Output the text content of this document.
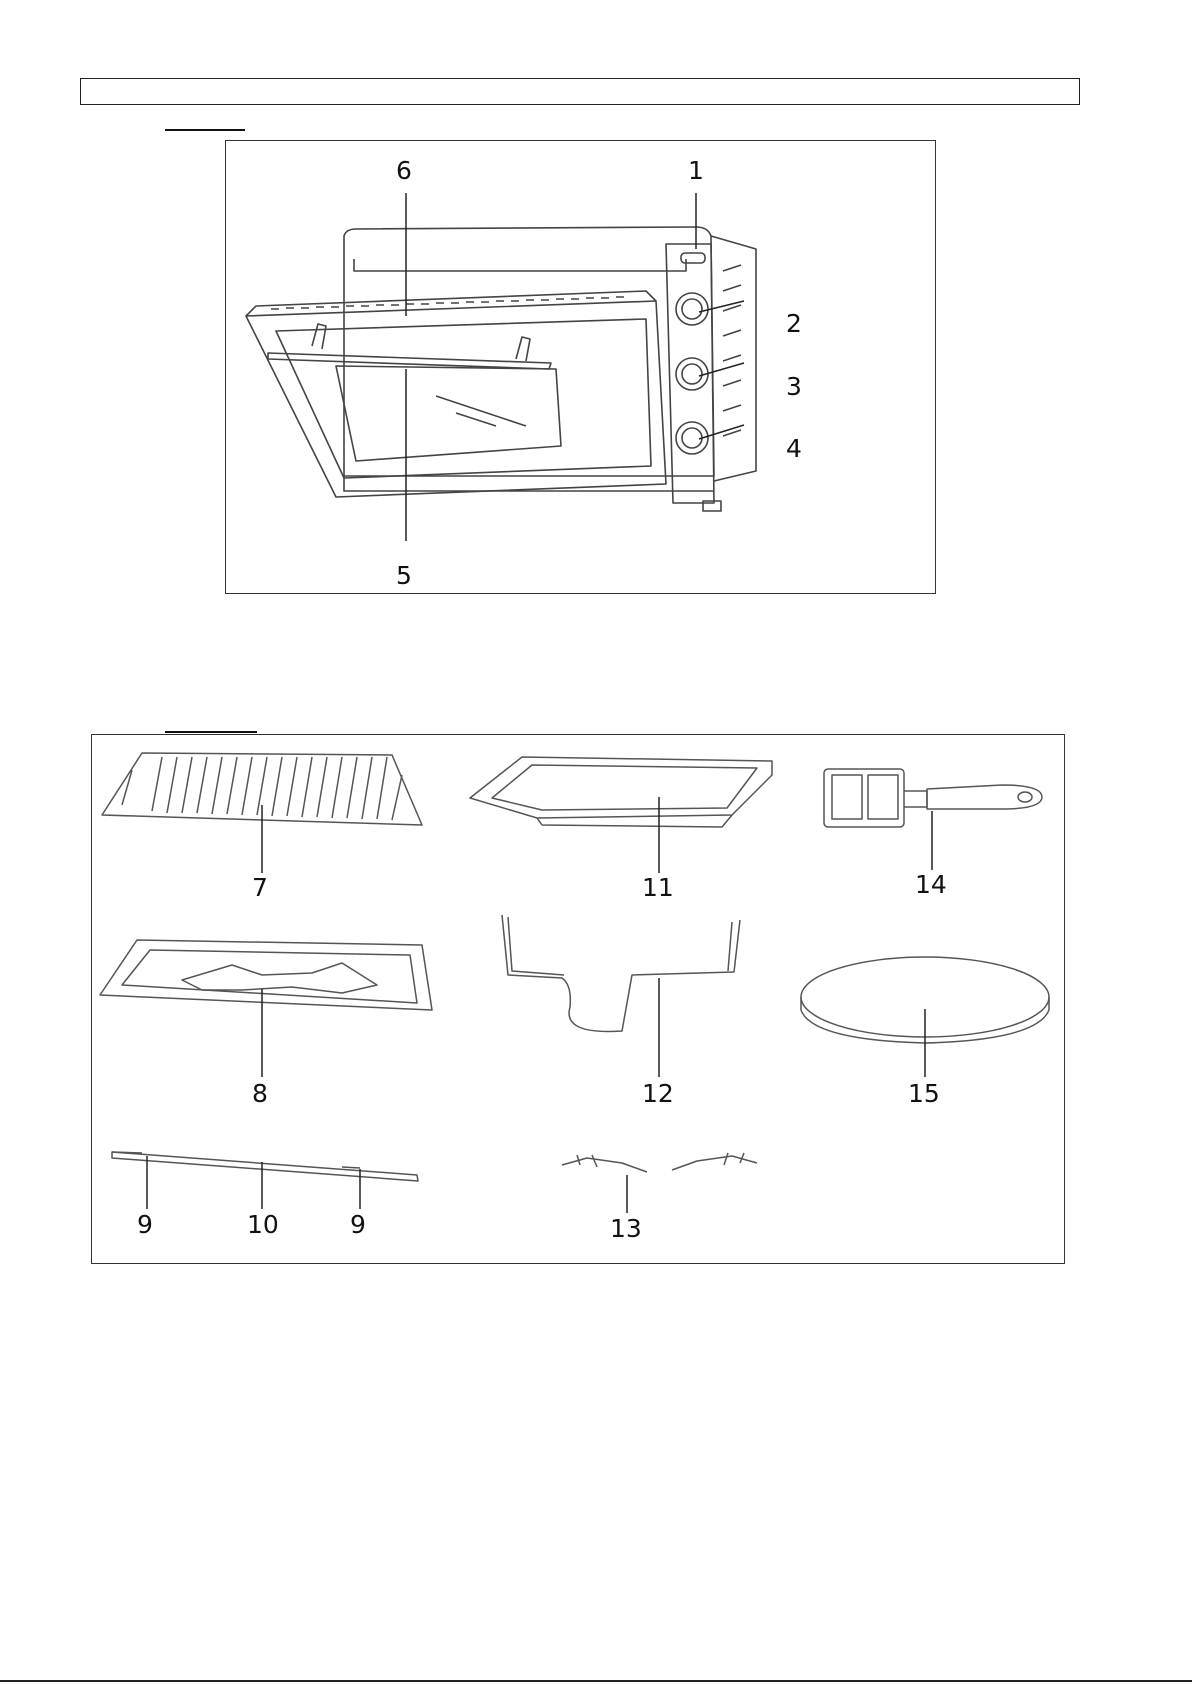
6	1
2
3
4
5
7	11	14
8	12	15
9	10	9	13
